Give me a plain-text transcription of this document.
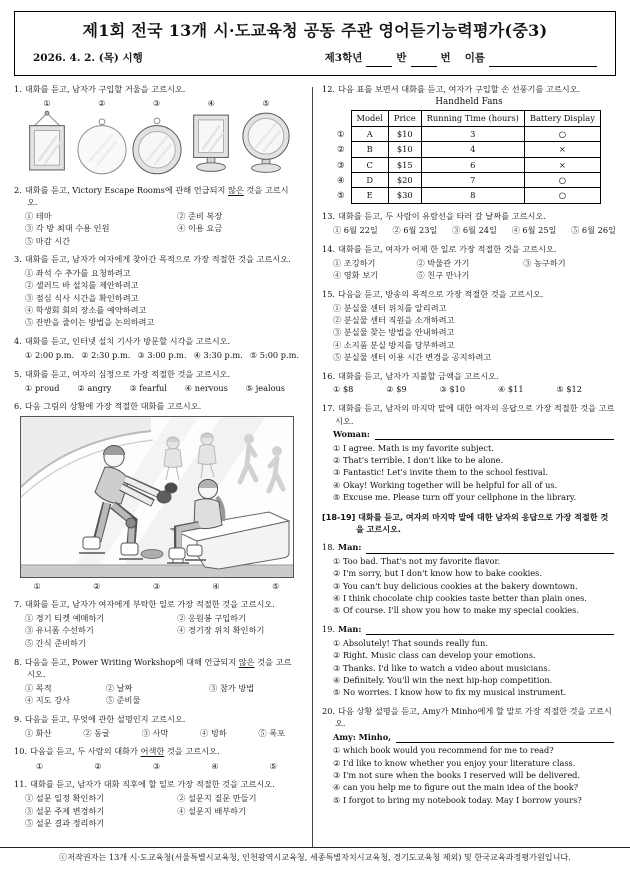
제1회 전국 13개 시·도교육청 공동 주관 영어듣기능력평가(중3)
2026. 4. 2. (목) 시행	제3학년	반	번 이름
1. 대화를 듣고, 남자가 구입할 거울을 고르시오.
①	②	③	④	⑤
2. 대화를 듣고, Victory Escape Rooms에 관해 언급되지 않은 것을 고르시오.
① 테마	② 준비 복장
③ 각 방 최대 수용 인원	④ 이용 요금
⑤ 마감 시간
3. 대화를 듣고, 남자가 여자에게 찾아간 목적으로 가장 적절한 것을 고르시오.
① 좌석 수 추가를 요청하려고
② 샐러드 바 설치를 제안하려고
③ 점심 식사 시간을 확인하려고
④ 학생회 회의 장소를 예약하려고
⑤ 잔반을 줄이는 방법을 논의하려고
4. 대화를 듣고, 인터넷 설치 기사가 방문할 시각을 고르시오.
① 2:00 p.m. ② 2:30 p.m. ③ 3:00 p.m. ④ 3:30 p.m. ⑤ 5:00 p.m.
5. 대화를 듣고, 여자의 심정으로 가장 적절한 것을 고르시오.
① proud ② angry ③ fearful ④ nervous ⑤ jealous
6. 다음 그림의 상황에 가장 적절한 대화를 고르시오.
①	②	③	④	⑤
7. 대화를 듣고, 남자가 여자에게 부탁한 일로 가장 적절한 것을 고르시오.
① 경기 티켓 예매하기	② 응원봉 구입하기
③ 유니폼 수선하기	④ 경기장 위치 확인하기
⑤ 간식 준비하기
8. 다음을 듣고, Power Writing Workshop에 대해 언급되지 않은 것을 고르시오.
① 목적	② 날짜	③ 참가 방법
④ 지도 강사	⑤ 준비물
9. 다음을 듣고, 무엇에 관한 설명인지 고르시오.
① 화산	② 동굴	③ 사막	④ 빙하	⑤ 폭포
10. 다음을 듣고, 두 사람의 대화가 어색한 것을 고르시오.
①	②	③	④	⑤
11. 대화를 듣고, 남자가 대화 직후에 할 일로 가장 적절한 것을 고르시오.
① 설문 일정 확인하기	② 설문지 질문 만들기
③ 설문 주제 변경하기	④ 설문지 배부하기
⑤ 설문 결과 정리하기
12. 다음 표를 보면서 대화를 듣고, 여자가 구입할 손 선풍기를 고르시오.
Handheld Fans
	Model	Price	Running Time (hours)	Battery Display
①	A	$10	3	○
②	B	$10	4	×
③	C	$15	6	×
④	D	$20	7	○
⑤	E	$30	8	○
13. 대화를 듣고, 두 사람이 유람선을 타러 갈 날짜를 고르시오.
① 6월 22일 ② 6월 23일 ③ 6월 24일 ④ 6월 25일 ⑤ 6월 26일
14. 대화를 듣고, 여자가 어제 한 일로 가장 적절한 것을 고르시오.
① 조깅하기	② 박물관 가기	③ 농구하기
④ 영화 보기	⑤ 친구 만나기
15. 다음을 듣고, 방송의 목적으로 가장 적절한 것을 고르시오.
① 분실물 센터 위치를 알리려고
② 분실물 센터 직원을 소개하려고
③ 분실물 찾는 방법을 안내하려고
④ 소지품 분실 방지를 당부하려고
⑤ 분실물 센터 이용 시간 변경을 공지하려고
16. 대화를 듣고, 남자가 지불할 금액을 고르시오.
① $8	② $9	③ $10	④ $11	⑤ $12
17. 대화를 듣고, 남자의 마지막 말에 대한 여자의 응답으로 가장 적절한 것을 고르시오.
Woman:
① I agree. Math is my favorite subject.
② That's terrible. I don't like to be alone.
③ Fantastic! Let's invite them to the school festival.
④ Okay! Working together will be helpful for all of us.
⑤ Excuse me. Please turn off your cellphone in the library.
[18-19] 대화를 듣고, 여자의 마지막 말에 대한 남자의 응답으로 가장 적절한 것을 고르시오.
18. Man:
① Too bad. That's not my favorite flavor.
② I'm sorry, but I don't know how to bake cookies.
③ You can't buy delicious cookies at the bakery downtown.
④ I think chocolate chip cookies taste better than plain ones.
⑤ Of course. I'll show you how to make my special cookies.
19. Man:
① Absolutely! That sounds really fun.
② Right. Music class can develop your emotions.
③ Thanks. I'd like to watch a video about musicians.
④ Definitely. You'll win the next hip-hop competition.
⑤ No worries. I know how to fix my musical instrument.
20. 다음 상황 설명을 듣고, Amy가 Minho에게 할 말로 가장 적절한 것을 고르시오.
Amy: Minho,
① which book would you recommend for me to read?
② I'd like to know whether you enjoy your literature class.
③ I'm not sure when the books I reserved will be delivered.
④ can you help me to figure out the main idea of the book?
⑤ I forgot to bring my notebook today. May I borrow yours?
ⓒ저작권자는 13개 시·도교육청(서울특별시교육청, 인천광역시교육청, 세종특별자치시교육청, 경기도교육청 제외) 및 한국교육과정평가원입니다.
